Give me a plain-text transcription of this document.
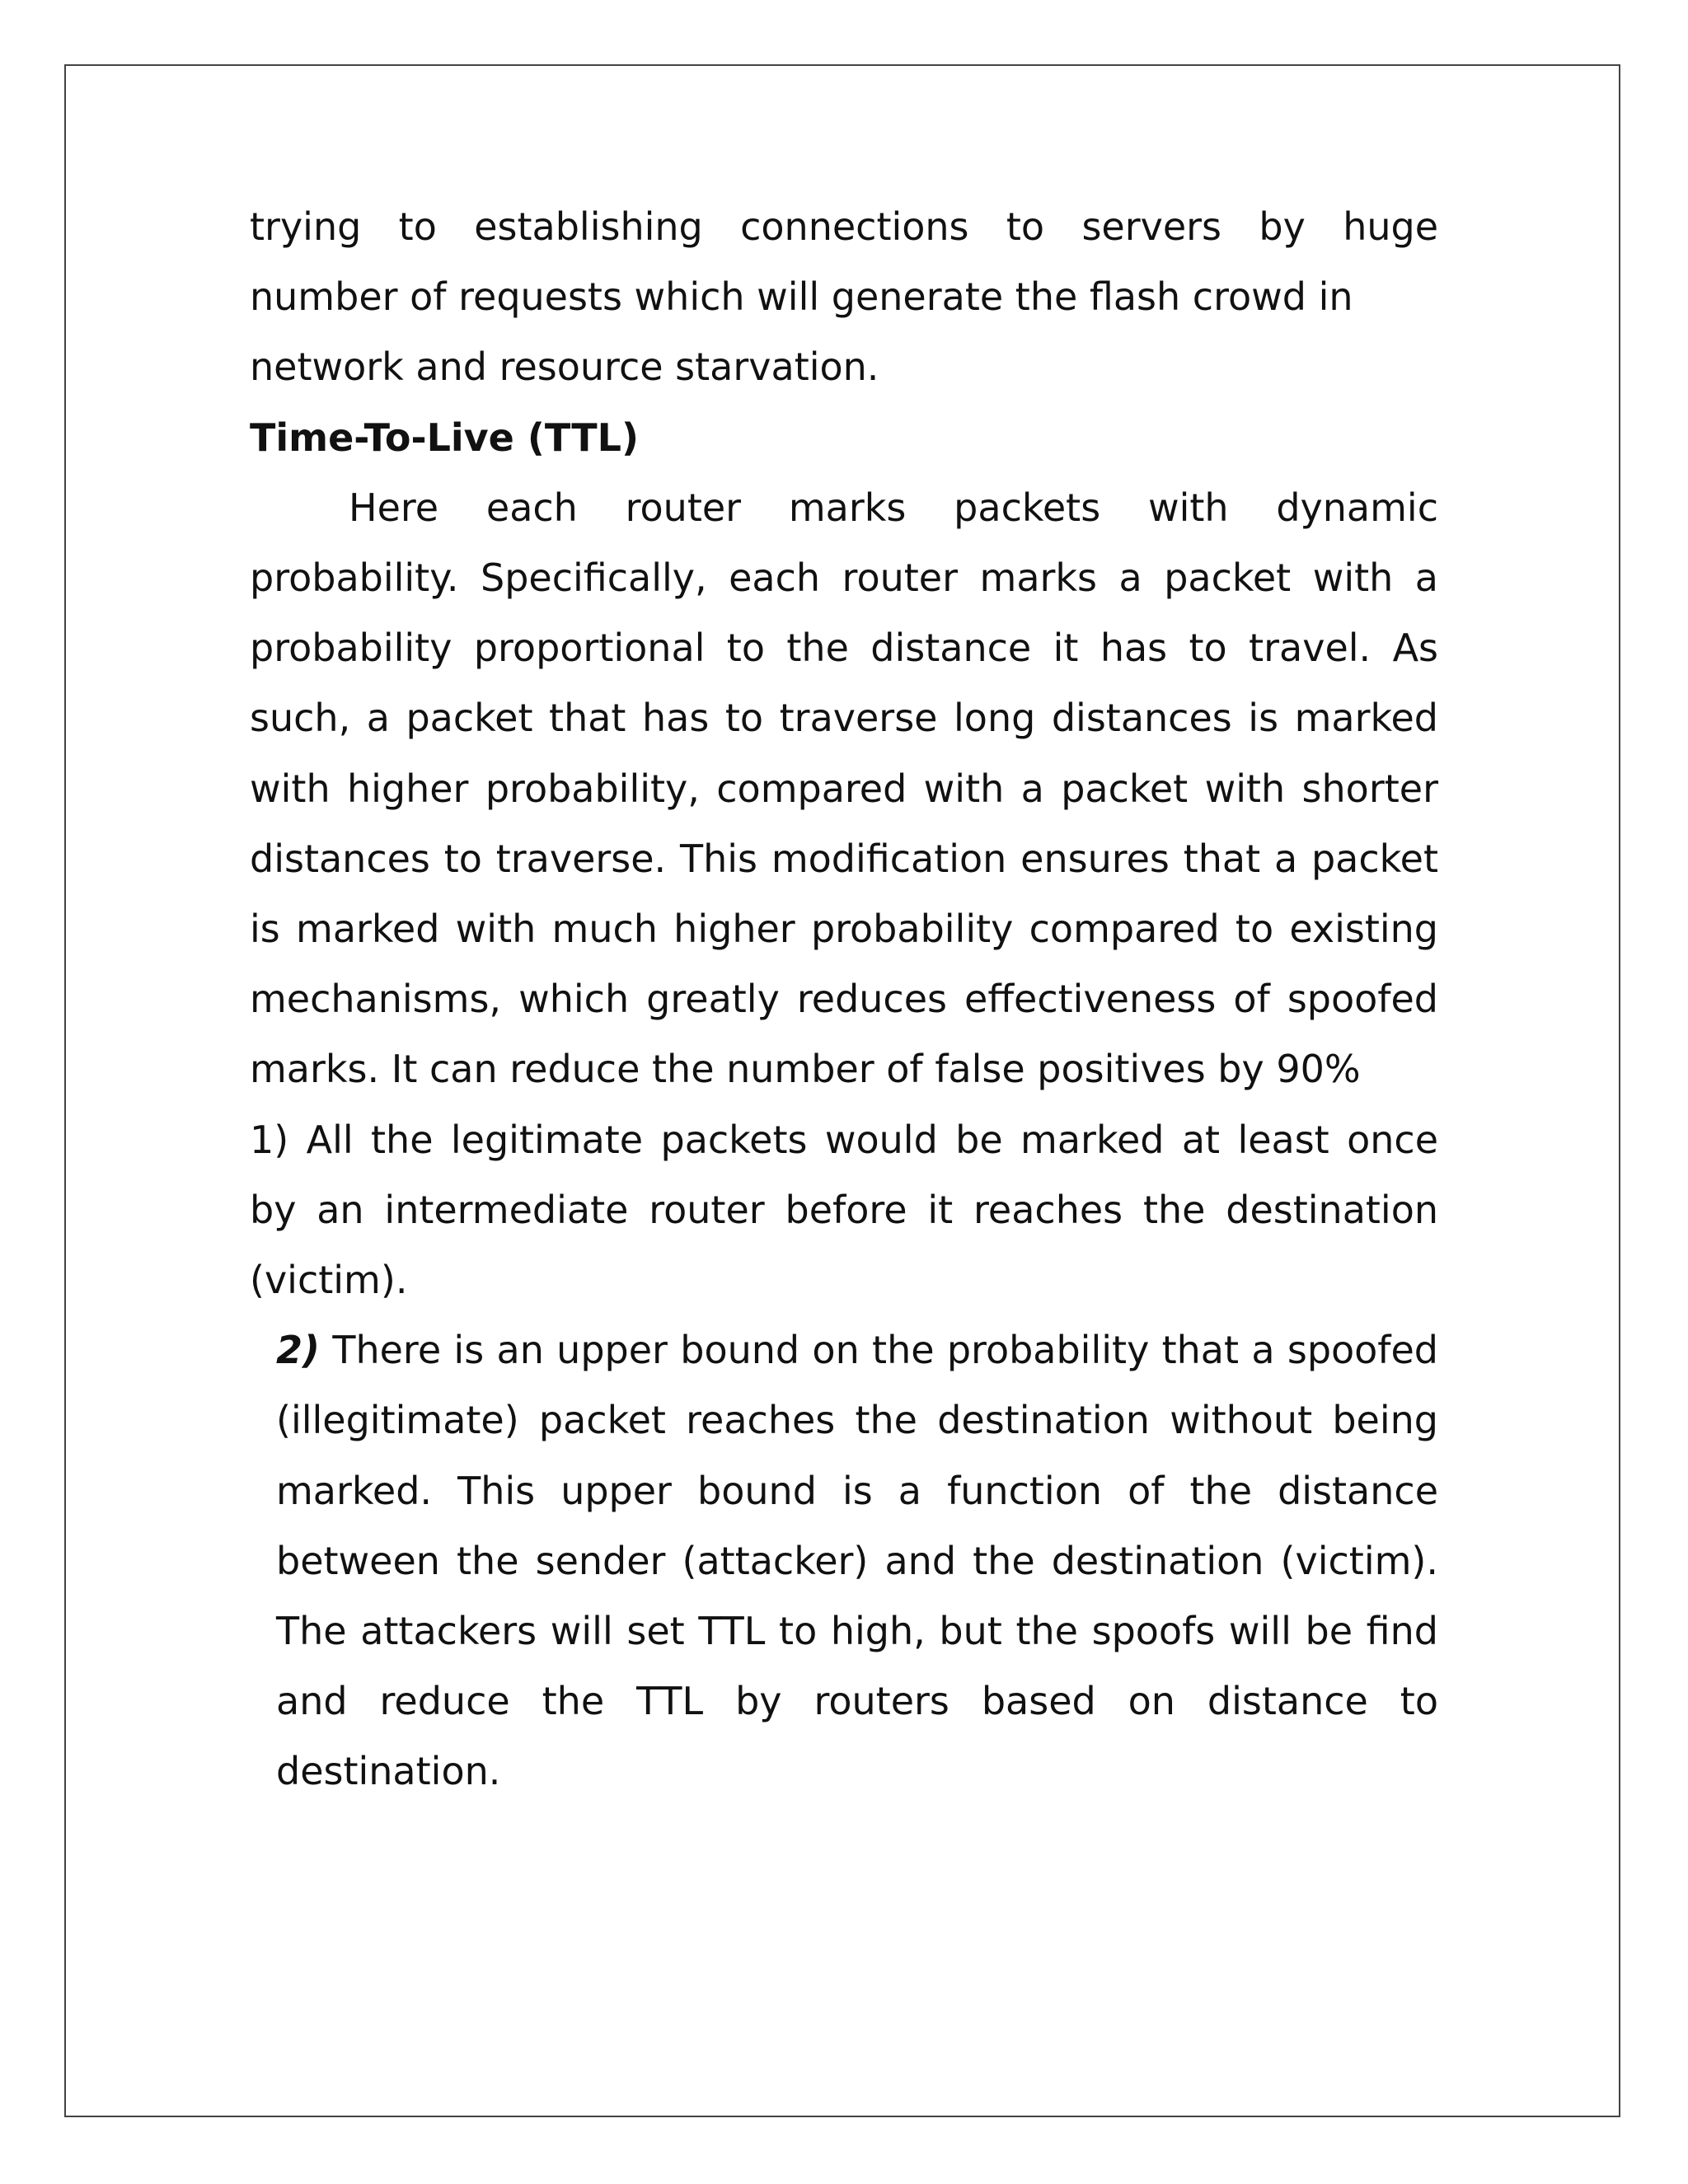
trying to establishing connections to servers by huge
number of requests which will generate the flash crowd in
network and resource starvation.

Time-To-Live (TTL)

Here each router marks packets with dynamic probability. Specifically, each router marks a packet with a probability proportional to the distance it has to travel. As such, a packet that has to traverse long distances is marked with higher probability, compared with a packet with shorter distances to traverse. This modification ensures that a packet is marked with much higher probability compared to existing mechanisms, which greatly reduces effectiveness of spoofed marks. It can reduce the number of false positives by 90%

1) All the legitimate packets would be marked at least once by an intermediate router before it reaches the destination (victim).

2) There is an upper bound on the probability that a spoofed (illegitimate) packet reaches the destination without being marked. This upper bound is a function of the distance between the sender (attacker) and the destination (victim). The attackers will set TTL to high, but the spoofs will be find and reduce the TTL by routers based on distance to destination.
